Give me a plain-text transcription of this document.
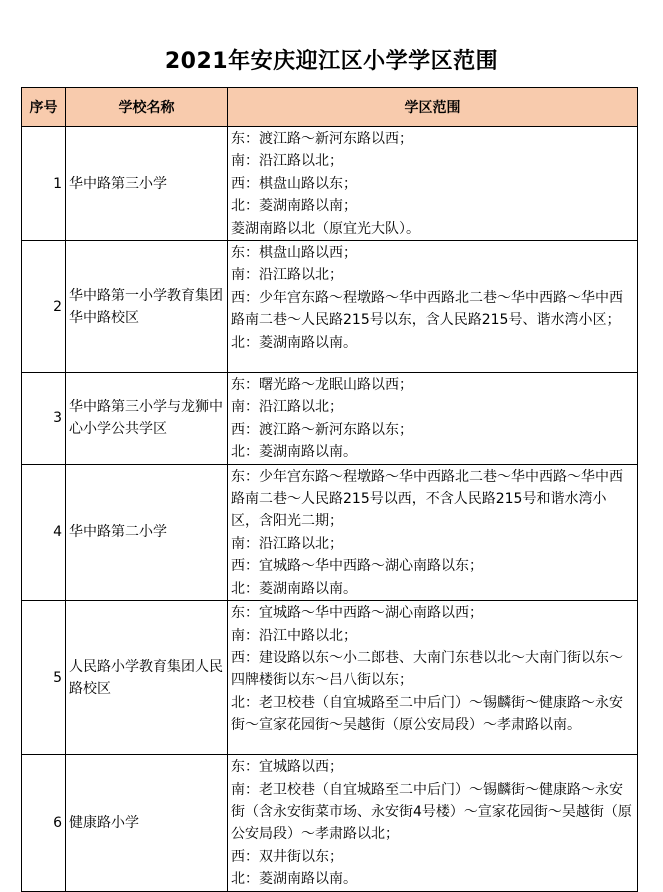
2021年安庆迎江区小学学区范围
序号	学校名称	学区范围
1	华中路第三小学	东：渡江路～新河东路以西；
南：沿江路以北；
西：棋盘山路以东；
北：菱湖南路以南；
菱湖南路以北（原宜光大队）。

2	华中路第一小学教育集团华中路校区	东：棋盘山路以西；
南：沿江路以北；
西：少年宫东路～程墩路～华中西路北二巷～华中西路～华中西路南二巷～人民路215号以东，含人民路215号、谐水湾小区；
北：菱湖南路以南。

3	华中路第三小学与龙狮中心小学公共学区	东：曙光路～龙眠山路以西；
南：沿江路以北；
西：渡江路～新河东路以东；
北：菱湖南路以南。

4	华中路第二小学	东：少年宫东路～程墩路～华中西路北二巷～华中西路～华中西路南二巷～人民路215号以西，不含人民路215号和谐水湾小区，含阳光二期；
南：沿江路以北；
西：宜城路～华中西路～湖心南路以东；
北：菱湖南路以南。

5	人民路小学教育集团人民路校区	东：宜城路～华中西路～湖心南路以西；
南：沿江中路以北；
西：建设路以东～小二郎巷、大南门东巷以北～大南门街以东～四牌楼街以东～吕八街以东；
北：老卫校巷（自宜城路至二中后门）～锡麟街～健康路～永安街～宣家花园街～吴越街（原公安局段）～孝肃路以南。

6	健康路小学	东：宜城路以西；
南：老卫校巷（自宜城路至二中后门）～锡麟街～健康路～永安街（含永安街菜市场、永安街4号楼）～宣家花园街～吴越街（原公安局段）～孝肃路以北；
西：双井街以东；
北：菱湖南路以南。
